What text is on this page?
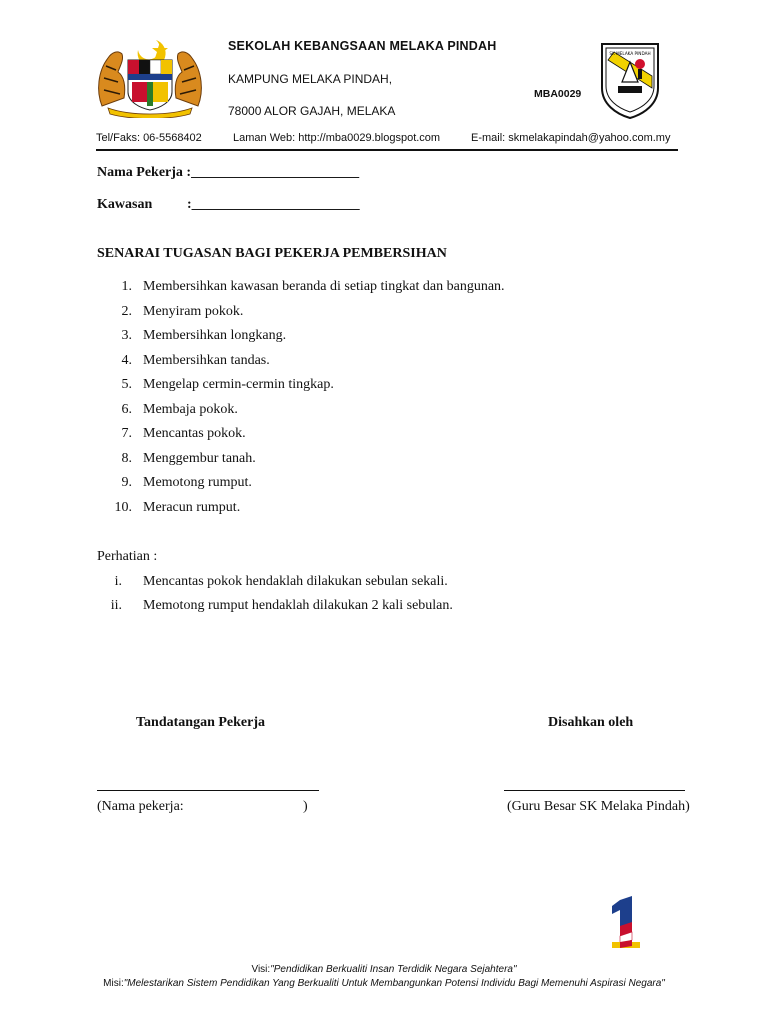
SEKOLAH KEBANGSAAN MELAKA PINDAH
KAMPUNG MELAKA PINDAH,
78000 ALOR GAJAH, MELAKA
MBA0029
SK MELAKA PINDAH
Tel/Faks: 06-5568402	Laman Web: http://mba0029.blogspot.com	E-mail: skmelakapindah@yahoo.com.my
Nama Pekerja :________________________
Kawasan :________________________
SENARAI TUGASAN BAGI PEKERJA PEMBERSIHAN
1. Membersihkan kawasan beranda di setiap tingkat dan bangunan.
2. Menyiram pokok.
3. Membersihkan longkang.
4. Membersihkan tandas.
5. Mengelap cermin-cermin tingkap.
6. Membaja pokok.
7. Mencantas pokok.
8. Menggembur tanah.
9. Memotong rumput.
10. Meracun rumput.
Perhatian :
i. Mencantas pokok hendaklah dilakukan sebulan sekali.
ii. Memotong rumput hendaklah dilakukan 2 kali sebulan.
Tandatangan Pekerja	Disahkan oleh
(Nama pekerja:	)	(Guru Besar SK Melaka Pindah)
Visi:"Pendidikan Berkualiti Insan Terdidik Negara Sejahtera"
Misi:"Melestarikan Sistem Pendidikan Yang Berkualiti Untuk Membangunkan Potensi Individu Bagi Memenuhi Aspirasi Negara"
